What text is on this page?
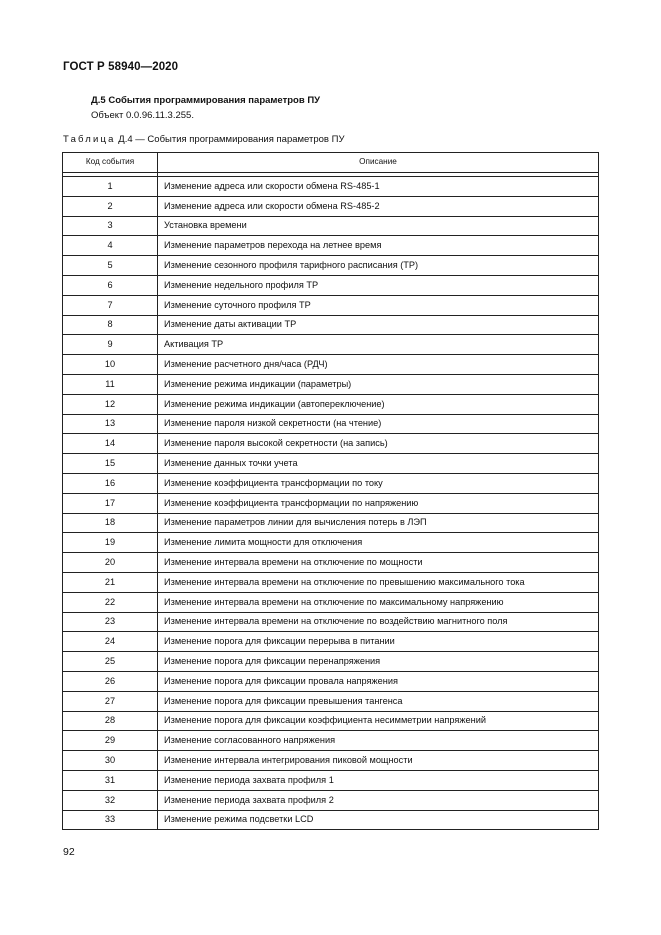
ГОСТ Р 58940—2020
Д.5 События программирования параметров ПУ
Объект 0.0.96.11.3.255.
Таблица Д.4 — События программирования параметров ПУ
Код события	Описание

1	Изменение адреса или скорости обмена RS-485-1
2	Изменение адреса или скорости обмена RS-485-2
3	Установка времени
4	Изменение параметров перехода на летнее время
5	Изменение сезонного профиля тарифного расписания (ТР)
6	Изменение недельного профиля ТР
7	Изменение суточного профиля ТР
8	Изменение даты активации ТР
9	Активация ТР
10	Изменение расчетного дня/часа (РДЧ)
11	Изменение режима индикации (параметры)
12	Изменение режима индикации (автопереключение)
13	Изменение пароля низкой секретности (на чтение)
14	Изменение пароля высокой секретности (на запись)
15	Изменение данных точки учета
16	Изменение коэффициента трансформации по току
17	Изменение коэффициента трансформации по напряжению
18	Изменение параметров линии для вычисления потерь в ЛЭП
19	Изменение лимита мощности для отключения
20	Изменение интервала времени на отключение по мощности
21	Изменение интервала времени на отключение по превышению максимального тока
22	Изменение интервала времени на отключение по максимальному напряжению
23	Изменение интервала времени на отключение по воздействию магнитного поля
24	Изменение порога для фиксации перерыва в питании
25	Изменение порога для фиксации перенапряжения
26	Изменение порога для фиксации провала напряжения
27	Изменение порога для фиксации превышения тангенса
28	Изменение порога для фиксации коэффициента несимметрии напряжений
29	Изменение согласованного напряжения
30	Изменение интервала интегрирования пиковой мощности
31	Изменение периода захвата профиля 1
32	Изменение периода захвата профиля 2
33	Изменение режима подсветки LCD
92
